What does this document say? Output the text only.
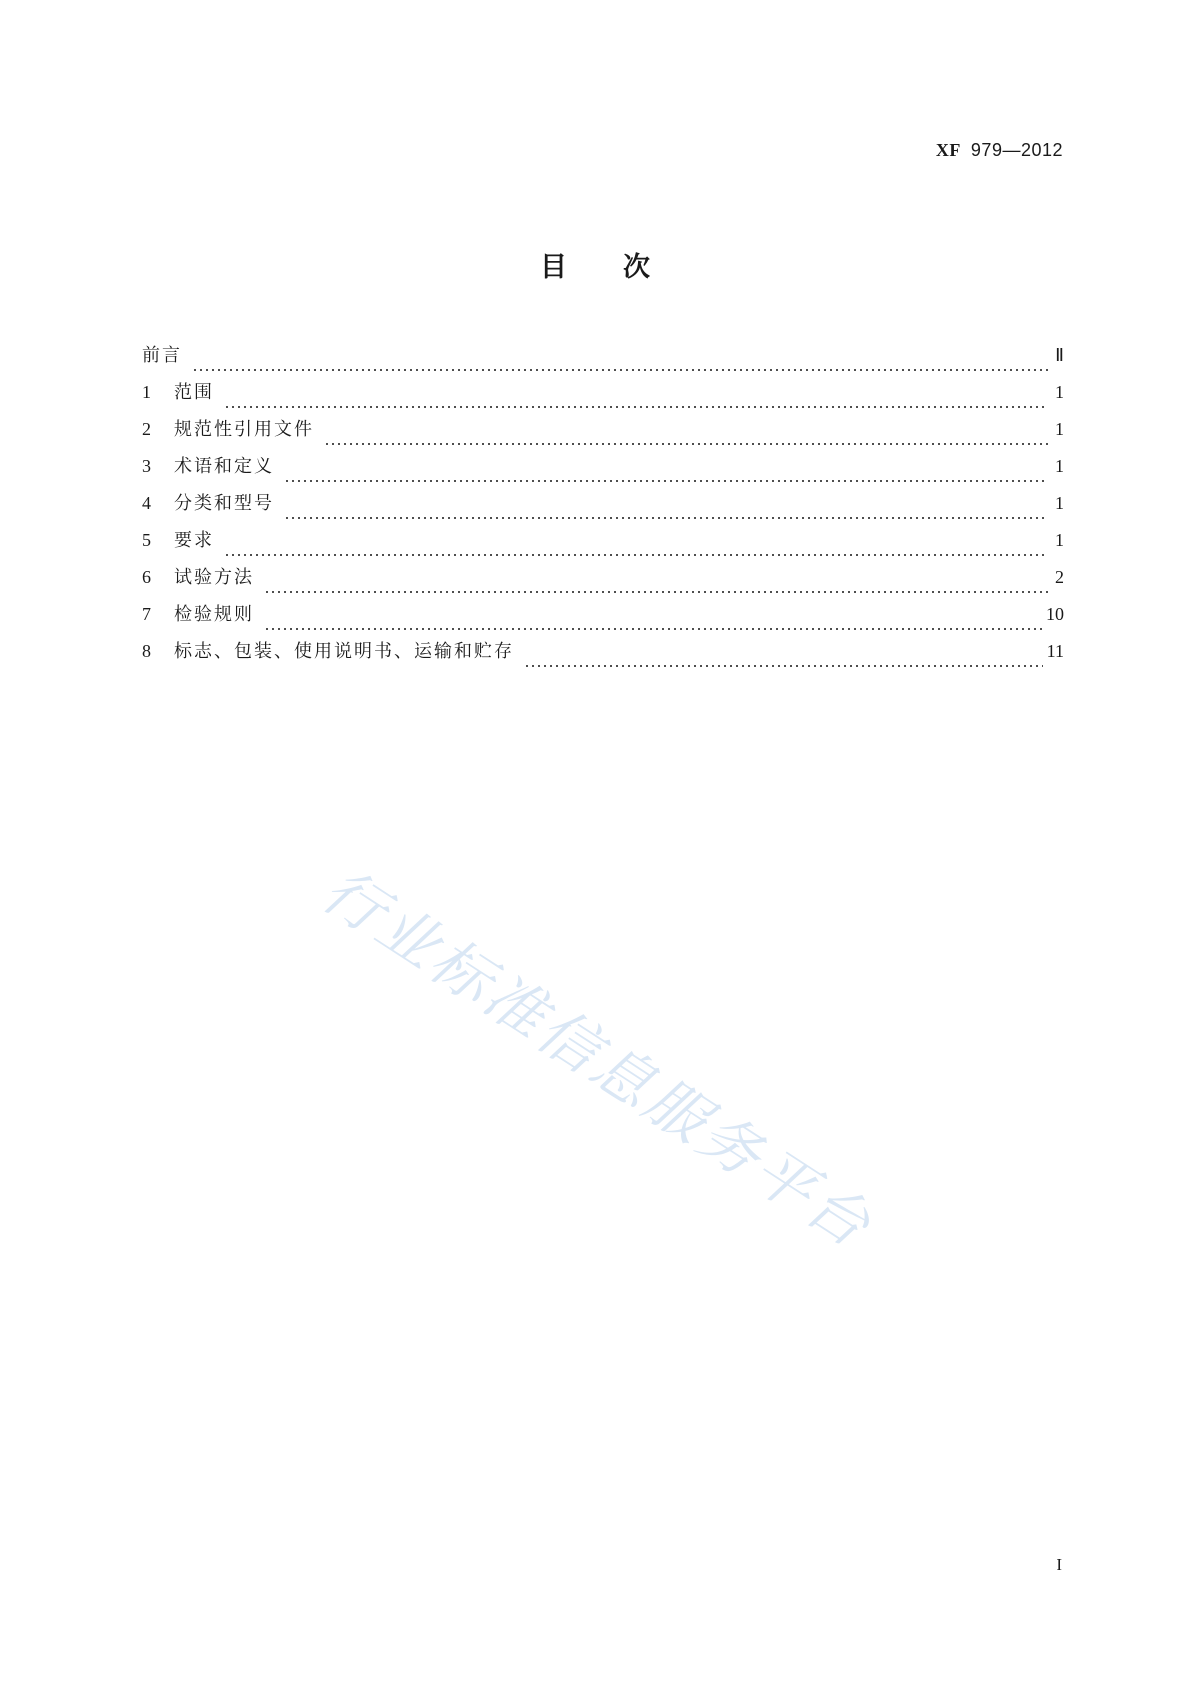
XF 979—2012
目次
前言	Ⅱ
1	范围	1
2	规范性引用文件	1
3	术语和定义	1
4	分类和型号	1
5	要求	1
6	试验方法	2
7	检验规则	10
8	标志、包装、使用说明书、运输和贮存	11
行业标准信息服务平台
I
